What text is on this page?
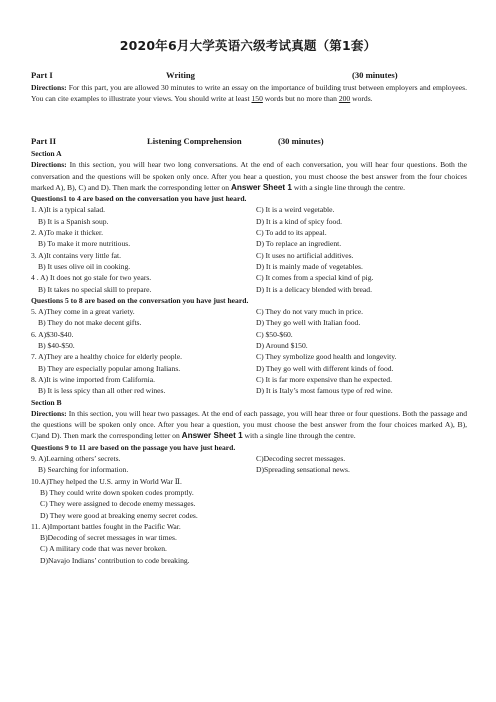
2020年6月大学英语六级考试真题（第1套）
Part I	Writing	(30 minutes)
Directions: For this part, you are allowed 30 minutes to write an essay on the importance of building trust between employers and employees. You can cite examples to illustrate your views. You should write at least 150 words but no more than 200 words.
Part II	Listening Comprehension	(30 minutes)
Section A
Directions: In this section, you will hear two long conversations. At the end of each conversation, you will hear four questions. Both the conversation and the questions will be spoken only once. After you hear a question, you must choose the best answer from the four choices marked A), B), C) and D). Then mark the corresponding letter on Answer Sheet 1 with a single line through the centre.
Questions1 to 4 are based on the conversation you have just heard.
1. A)It is a typical salad.	C) It is a weird vegetable.
B) It is a Spanish soup.	D) It is a kind of spicy food.
2. A)To make it thicker.	C) To add to its appeal.
B) To make it more nutritious.	D) To replace an ingredient.
3. A)It contains very little fat.	C) It uses no artificial additives.
B) It uses olive oil in cooking.	D) It is mainly made of vegetables.
4 . A) It does not go stale for two years.	C) It comes from a special kind of pig.
B) It takes no special skill to prepare.	D) It is a delicacy blended with bread.
Questions 5 to 8 are based on the conversation you have just heard.
5. A)They come in a great variety.	C) They do not vary much in price.
B) They do not make decent gifts.	D) They go well with Italian food.
6. A)$30-$40.	C) $50-$60.
B) $40-$50.	D) Around $150.
7. A)They are a healthy choice for elderly people.	C) They symbolize good health and longevity.
B) They are especially popular among Italians.	D) They go well with different kinds of food.
8. A)It is wine imported from California.	C) It is far more expensive than he expected.
B) It is less spicy than all other red wines.	D) It is Italy’s most famous type of red wine.
Section B
Directions: In this section, you will hear two passages. At the end of each passage, you will hear three or four questions. Both the passage and the questions will be spoken only once. After you hear a question, you must choose the best answer from the four choices marked A), B), C)and D). Then mark the corresponding letter on Answer Sheet 1 with a single line through the centre.
Questions 9 to 11 are based on the passage you have just heard.
9. A)Learning others’ secrets.	C)Decoding secret messages.
B) Searching for information.	D)Spreading sensational news.
10.A)They helped the U.S. army in World War Ⅱ.
B) They could write down spoken codes promptly.
C) They were assigned to decode enemy messages.
D) They were good at breaking enemy secret codes.
11. A)Important battles fought in the Pacific War.
B)Decoding of secret messages in war times.
C) A military code that was never broken.
D)Navajo Indians’ contribution to code breaking.
